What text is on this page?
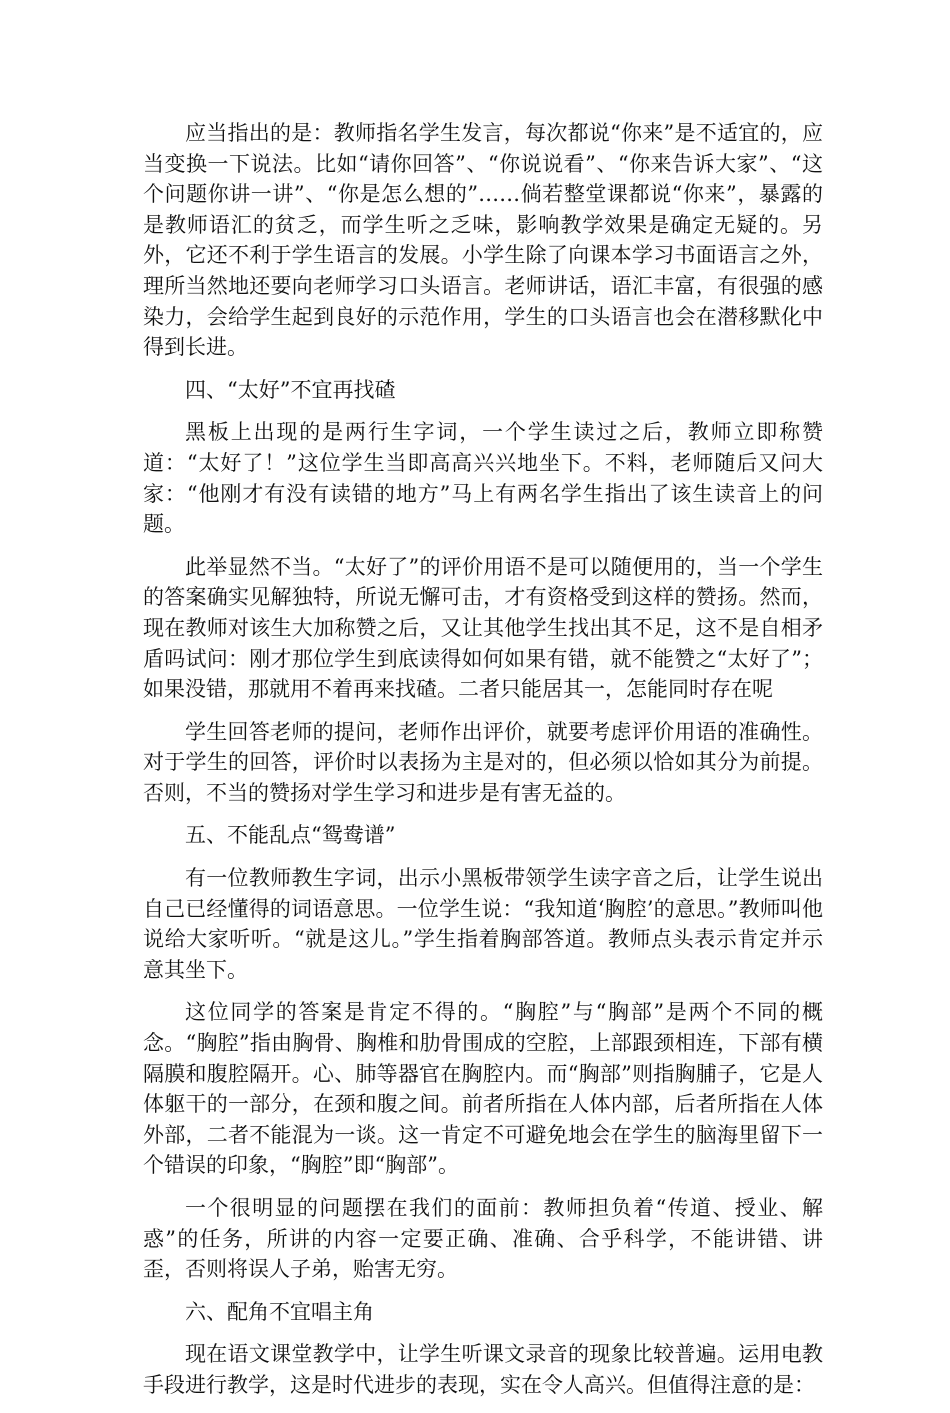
应当指出的是：教师指名学生发言，每次都说“你来”是不适宜的，应当变换一下说法。比如“请你回答”、“你说说看”、“你来告诉大家”、“这个问题你讲一讲”、“你是怎么想的”……倘若整堂课都说“你来”，暴露的是教师语汇的贫乏，而学生听之乏味，影响教学效果是确定无疑的。另外，它还不利于学生语言的发展。小学生除了向课本学习书面语言之外，理所当然地还要向老师学习口头语言。老师讲话，语汇丰富，有很强的感染力，会给学生起到良好的示范作用，学生的口头语言也会在潜移默化中得到长进。

四、“太好”不宜再找碴

黑板上出现的是两行生字词，一个学生读过之后，教师立即称赞道：“太好了！”这位学生当即高高兴兴地坐下。不料，老师随后又问大家：“他刚才有没有读错的地方”马上有两名学生指出了该生读音上的问题。

此举显然不当。“太好了”的评价用语不是可以随便用的，当一个学生的答案确实见解独特，所说无懈可击，才有资格受到这样的赞扬。然而，现在教师对该生大加称赞之后，又让其他学生找出其不足，这不是自相矛盾吗试问：刚才那位学生到底读得如何如果有错，就不能赞之“太好了”；如果没错，那就用不着再来找碴。二者只能居其一，怎能同时存在呢

学生回答老师的提问，老师作出评价，就要考虑评价用语的准确性。对于学生的回答，评价时以表扬为主是对的，但必须以恰如其分为前提。否则，不当的赞扬对学生学习和进步是有害无益的。

五、不能乱点“鸳鸯谱”

有一位教师教生字词，出示小黑板带领学生读字音之后，让学生说出自己已经懂得的词语意思。一位学生说：“我知道‘胸腔’的意思。”教师叫他说给大家听听。“就是这儿。”学生指着胸部答道。教师点头表示肯定并示意其坐下。

这位同学的答案是肯定不得的。“胸腔”与“胸部”是两个不同的概念。“胸腔”指由胸骨、胸椎和肋骨围成的空腔，上部跟颈相连，下部有横隔膜和腹腔隔开。心、肺等器官在胸腔内。而“胸部”则指胸脯子，它是人体躯干的一部分，在颈和腹之间。前者所指在人体内部，后者所指在人体外部，二者不能混为一谈。这一肯定不可避免地会在学生的脑海里留下一个错误的印象，“胸腔”即“胸部”。

一个很明显的问题摆在我们的面前：教师担负着“传道、授业、解惑”的任务，所讲的内容一定要正确、准确、合乎科学，不能讲错、讲歪，否则将误人子弟，贻害无穷。

六、配角不宜唱主角

现在语文课堂教学中，让学生听课文录音的现象比较普遍。运用电教手段进行教学，这是时代进步的表现，实在令人高兴。但值得注意的是：
